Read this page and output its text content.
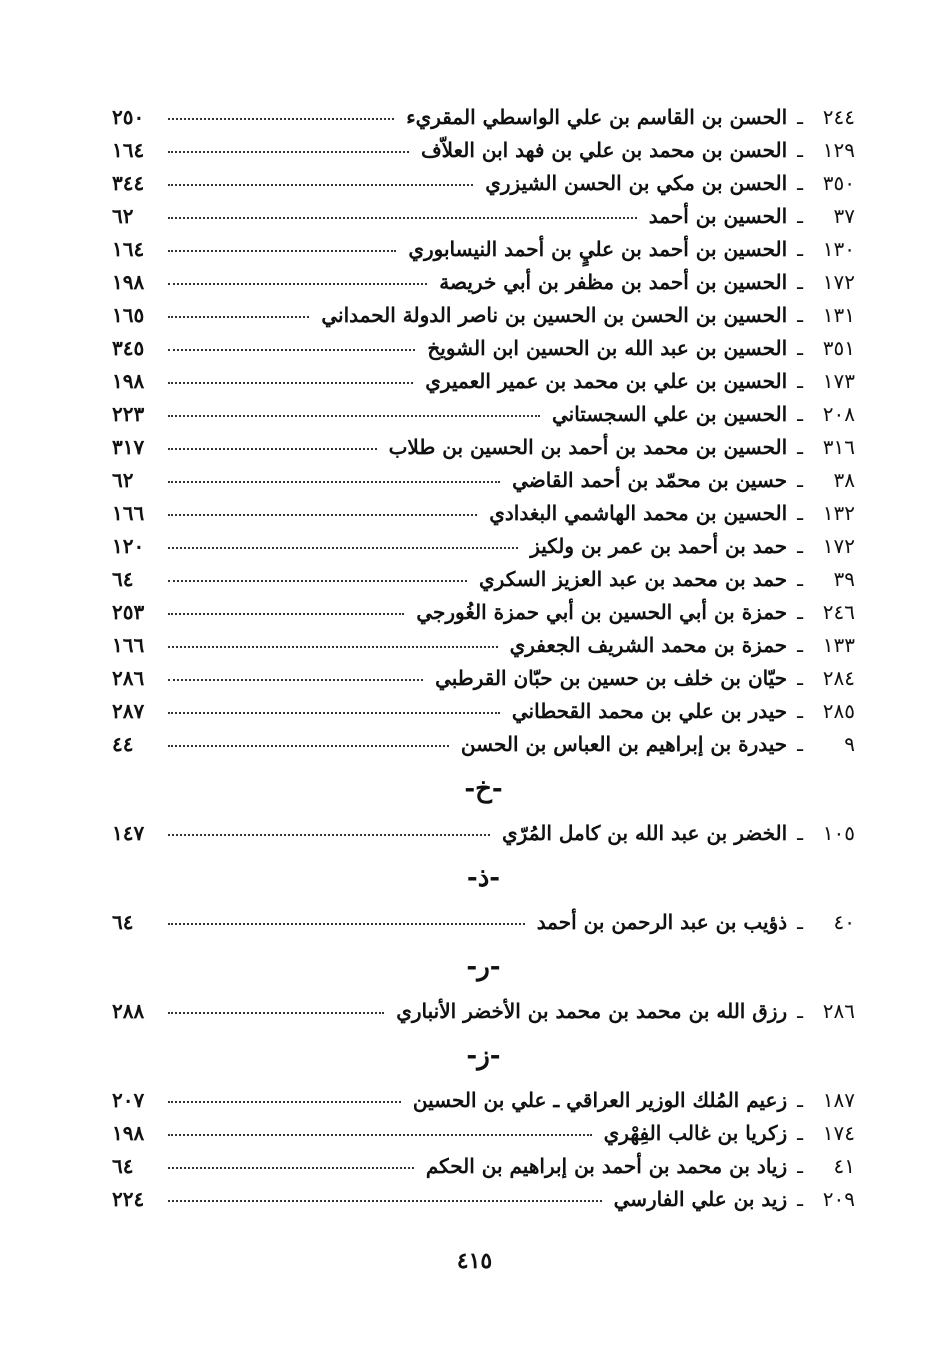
٢٤٤
ـ
الحسن بن القاسم بن علي الواسطي المقريء
٢٥٠
١٢٩
ـ
الحسن بن محمد بن علي بن فهد ابن العلاّف
١٦٤
٣٥٠
ـ
الحسن بن مكي بن الحسن الشيزري
٣٤٤
٣٧
ـ
الحسين بن أحمد
٦٢
١٣٠
ـ
الحسين بن أحمد بن عليٍ بن أحمد النيسابوري
١٦٤
١٧٢
ـ
الحسين بن أحمد بن مظفر بن أبي خريصة
١٩٨
١٣١
ـ
الحسين بن الحسن بن الحسين بن ناصر الدولة الحمداني
١٦٥
٣٥١
ـ
الحسين بن عبد الله بن الحسين ابن الشويخ
٣٤٥
١٧٣
ـ
الحسين بن علي بن محمد بن عمير العميري
١٩٨
٢٠٨
ـ
الحسين بن علي السجستاني
٢٢٣
٣١٦
ـ
الحسين بن محمد بن أحمد بن الحسين بن طلاب
٣١٧
٣٨
ـ
حسين بن محمّد بن أحمد القاضي
٦٢
١٣٢
ـ
الحسين بن محمد الهاشمي البغدادي
١٦٦
١٧٢
ـ
حمد بن أحمد بن عمر بن ولكيز
١٢٠
٣٩
ـ
حمد بن محمد بن عبد العزيز السكري
٦٤
٢٤٦
ـ
حمزة بن أبي الحسين بن أبي حمزة الغُورجي
٢٥٣
١٣٣
ـ
حمزة بن محمد الشريف الجعفري
١٦٦
٢٨٤
ـ
حيّان بن خلف بن حسين بن حبّان القرطبي
٢٨٦
٢٨٥
ـ
حيدر بن علي بن محمد القحطاني
٢٨٧
٩
ـ
حيدرة بن إبراهيم بن العباس بن الحسن
٤٤
-خ-
١٠٥
ـ
الخضر بن عبد الله بن كامل المُرّي
١٤٧
-ذ-
٤٠
ـ
ذؤيب بن عبد الرحمن بن أحمد
٦٤
-ر-
٢٨٦
ـ
رزق الله بن محمد بن محمد بن الأخضر الأنباري
٢٨٨
-ز-
١٨٧
ـ
زعيم المُلك الوزير العراقي ـ علي بن الحسين
٢٠٧
١٧٤
ـ
زكريا بن غالب الفِهْري
١٩٨
٤١
ـ
زياد بن محمد بن أحمد بن إبراهيم بن الحكم
٦٤
٢٠٩
ـ
زيد بن علي الفارسي
٢٢٤
٤١٥
